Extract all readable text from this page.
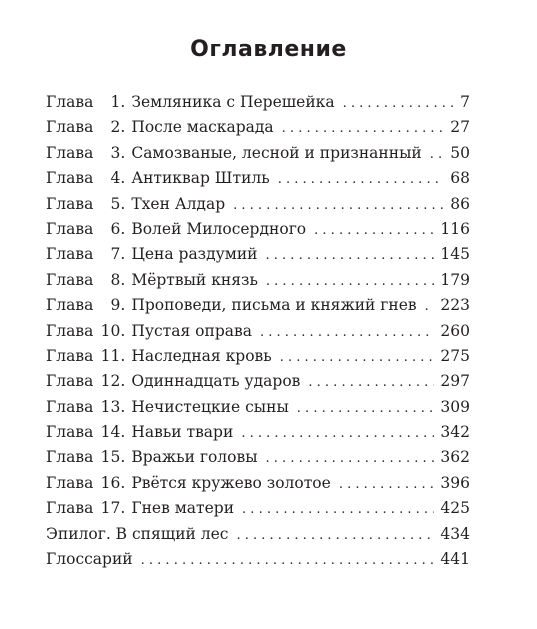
Оглавление
Глава 1. Земляника с Перешейка . . .	7
Глава 2. После маскарада . . .	27
Глава 3. Самозваные, лесной и признанный . . . 50
Глава 4. Антиквар Штиль . . .	68
Глава 5. Тхен Алдар . . .	86
Глава 6. Волей Милосердного . . .	116
Глава 7. Цена раздумий . . .	145
Глава 8. Мёртвый князь . . .	179
Глава 9. Проповеди, письма и княжий гнев . . . 223
Глава 10. Пустая оправа . . .	260
Глава 11. Наследная кровь . . .	275
Глава 12. Одиннадцать ударов . . .	297
Глава 13. Нечистецкие сыны . . .	309
Глава 14. Навьи твари . . .	342
Глава 15. Вражьи головы . . .	362
Глава 16. Рвётся кружево золотое . . .	396
Глава 17. Гнев матери . . .	425
Эпилог. В спящий лес . . .	434
Глоссарий . . .	441
